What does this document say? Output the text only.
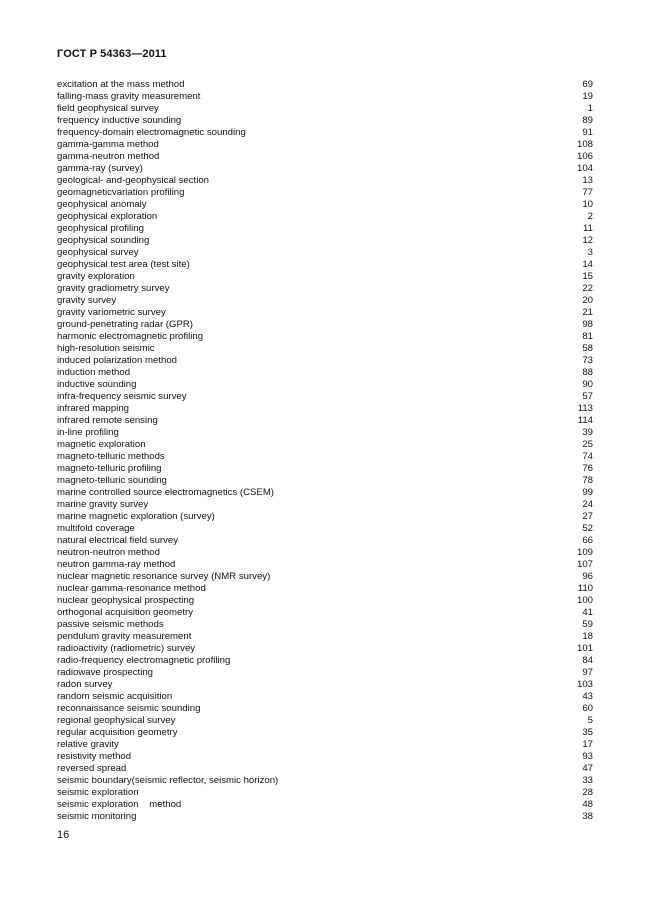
ГОСТ Р 54363—2011
excitation at the mass method	69
falling-mass gravity measurement	19
field geophysical survey	1
frequency inductive sounding	89
frequency-domain electromagnetic sounding	91
gamma-gamma method	108
gamma-neutron method	106
gamma-ray (survey)	104
geological- and-geophysical section	13
geomagneticvariation profiling	77
geophysical anomaly	10
geophysical exploration	2
geophysical profiling	11
geophysical sounding	12
geophysical survey	3
geophysical test area (test site)	14
gravity exploration	15
gravity gradiometry survey	22
gravity survey	20
gravity variometric survey	21
ground-penetrating radar (GPR)	98
harmonic electromagnetic profiling	81
high-resolution seismic	58
induced polarization method	73
induction method	88
inductive sounding	90
infra-frequency seismic survey	57
infrared mapping	113
infrared remote sensing	114
in-line profiling	39
magnetic exploration	25
magneto-telluric methods	74
magneto-telluric profiling	76
magneto-telluric sounding	78
marine controlled source electromagnetics (CSEM)	99
marine gravity survey	24
marine magnetic exploration (survey)	27
multifold coverage	52
natural electrical field survey	66
neutron-neutron method	109
neutron gamma-ray method	107
nuclear magnetic resonance survey (NMR survey)	96
nuclear gamma-resonance method	110
nuclear geophysical prospecting	100
orthogonal acquisition geometry	41
passive seismic methods	59
pendulum gravity measurement	18
radioactivity (radiometric) survey	101
radio-frequency electromagnetic profiling	84
radiowave prospecting	97
radon survey	103
random seismic acquisition	43
reconnaissance seismic sounding	60
regional geophysical survey	5
regular acquisition geometry	35
relative gravity	17
resistivity method	93
reversed spread	47
seismic boundary(seismic reflector, seismic horizon)	33
seismic exploration	28
seismic exploration    method	48
seismic monitoring	38
16
